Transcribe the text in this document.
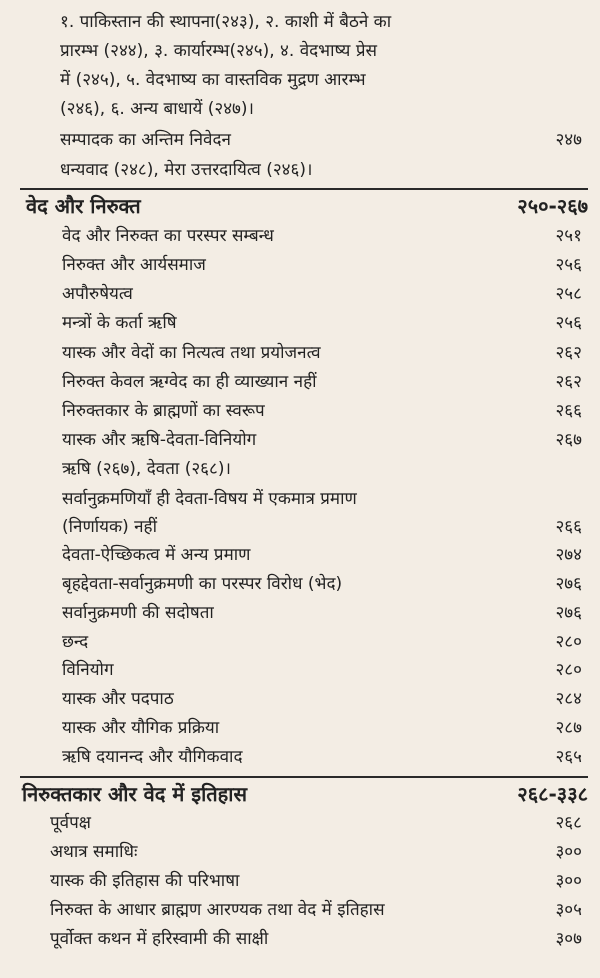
१. पाकिस्तान की स्थापना(२४३), २. काशी में बैठने का

प्रारम्भ (२४४), ३. कार्यारम्भ(२४५), ४. वेदभाष्य प्रेस

में (२४५), ५. वेदभाष्य का वास्तविक मुद्रण आरम्भ

(२४६), ६. अन्य बाधायें (२४७)।

सम्पादक का अन्तिम निवेदन	२४७
धन्यवाद (२४८), मेरा उत्तरदायित्व (२४६)।
वेद और निरुक्त	२५०-२६७
वेद और निरुक्त का परस्पर सम्बन्ध	२५१
निरुक्त और आर्यसमाज	२५६
अपौरुषेयत्व	२५८
मन्त्रों के कर्ता ऋषि	२५६
यास्क और वेदों का नित्यत्व तथा प्रयोजनत्व	२६२
निरुक्त केवल ऋग्वेद का ही व्याख्यान नहीं	२६२
निरुक्तकार के ब्राह्मणों का स्वरूप	२६६
यास्क और ऋषि-देवता-विनियोग	२६७
ऋषि (२६७), देवता (२६८)।
सर्वानुक्रमणियाँ ही देवता-विषय में एकमात्र प्रमाण
(निर्णायक) नहीं	२६६
देवता-ऐच्छिकत्व में अन्य प्रमाण	२७४
बृहद्देवता-सर्वानुक्रमणी का परस्पर विरोध (भेद)	२७६
सर्वानुक्रमणी की सदोषता	२७६
छन्द	२८०
विनियोग	२८०
यास्क और पदपाठ	२८४
यास्क और यौगिक प्रक्रिया	२८७
ऋषि दयानन्द और यौगिकवाद	२६५
निरुक्तकार और वेद में इतिहास	२६८-३३८
पूर्वपक्ष	२६८
अथात्र समाधिः	३००
यास्क की इतिहास की परिभाषा	३००
निरुक्त के आधार ब्राह्मण आरण्यक तथा वेद में इतिहास	३०५
पूर्वोक्त कथन में हरिस्वामी की साक्षी	३०७
